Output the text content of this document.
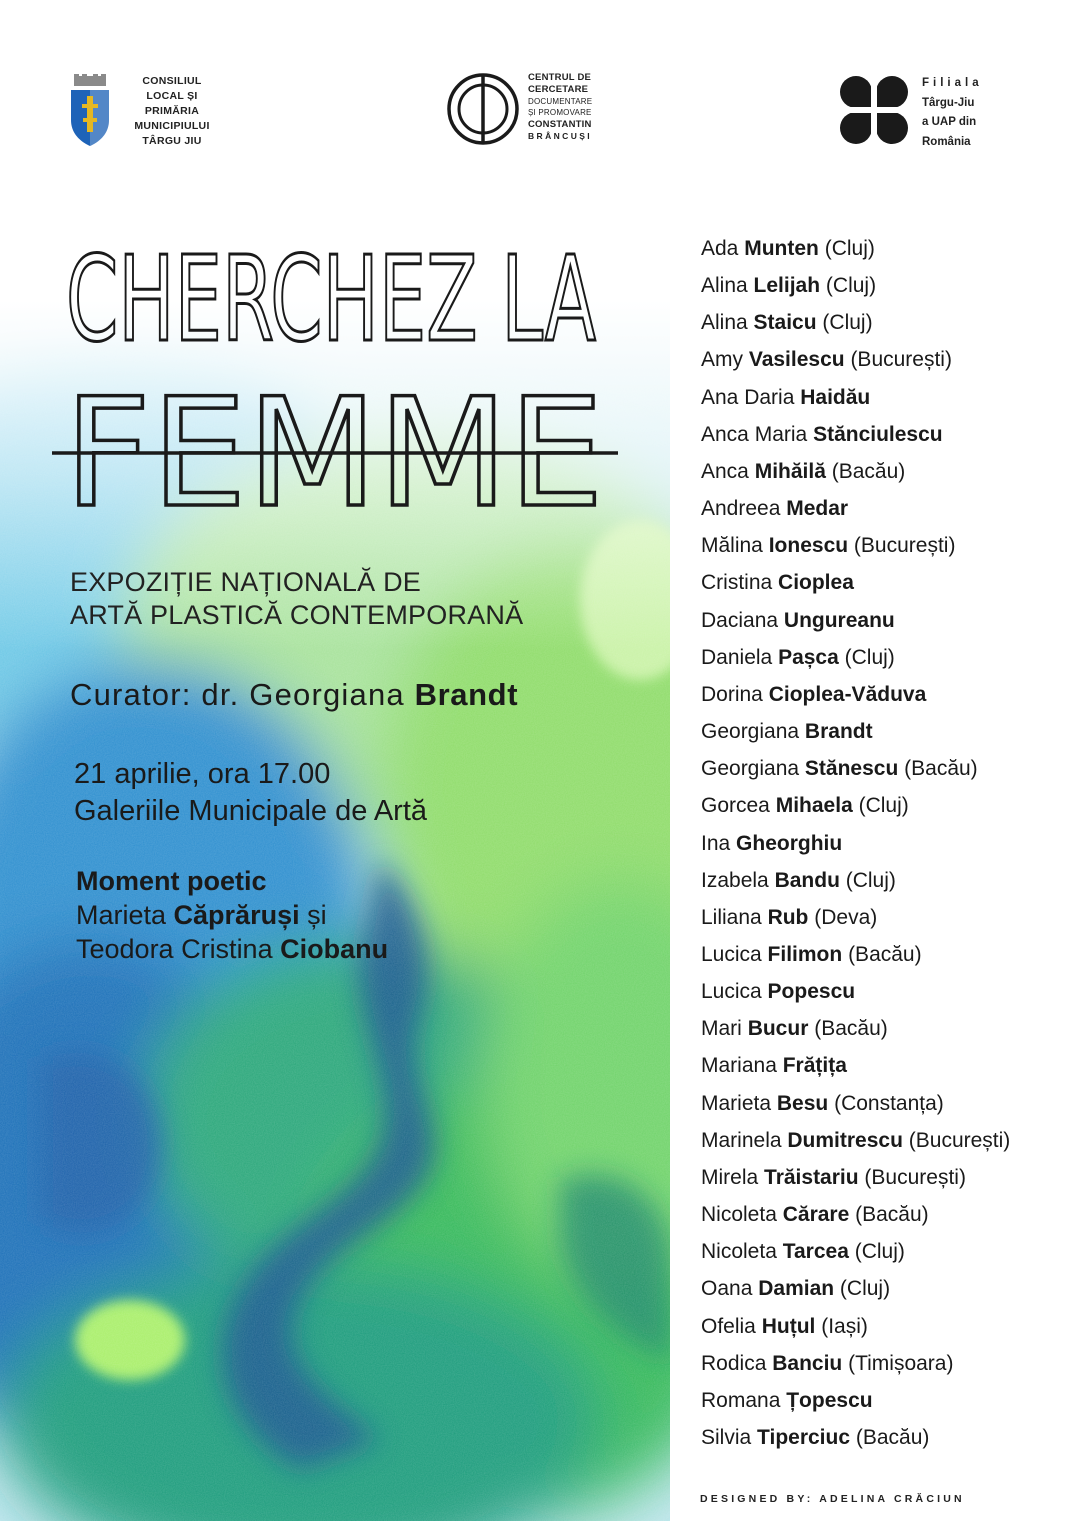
CONSILIUL
LOCAL ȘI
PRIMĂRIA
MUNICIPIULUI
TÂRGU JIU
CENTRUL DE
CERCETARE
DOCUMENTARE
ȘI PROMOVARE
CONSTANTIN
BRÂNCUȘI
Filiala
Târgu-Jiu
a UAP din
România
CHERCHEZ LA
FEMME
EXPOZIȚIE NAȚIONALĂ DE
ARTĂ PLASTICĂ CONTEMPORANĂ
Curator: dr. Georgiana Brandt
21 aprilie, ora 17.00
Galeriile Municipale de Artă
Moment poetic
Marieta Căprăruși și
Teodora Cristina Ciobanu
Ada Munten (Cluj)
Alina Lelijah (Cluj)
Alina Staicu (Cluj)
Amy Vasilescu (București)
Ana Daria Haidău
Anca Maria Stănciulescu
Anca Mihăilă (Bacău)
Andreea Medar
Mălina Ionescu (București)
Cristina Cioplea
Daciana Ungureanu
Daniela Pașca (Cluj)
Dorina Cioplea-Văduva
Georgiana Brandt
Georgiana Stănescu (Bacău)
Gorcea Mihaela (Cluj)
Ina Gheorghiu
Izabela Bandu (Cluj)
Liliana Rub (Deva)
Lucica Filimon (Bacău)
Lucica Popescu
Mari Bucur (Bacău)
Mariana Frățița
Marieta Besu (Constanța)
Marinela Dumitrescu (București)
Mirela Trăistariu (București)
Nicoleta Cărare (Bacău)
Nicoleta Tarcea (Cluj)
Oana Damian (Cluj)
Ofelia Huțul (Iași)
Rodica Banciu (Timișoara)
Romana Țopescu
Silvia Tiperciuc (Bacău)
DESIGNED BY: ADELINA CRĂCIUN
